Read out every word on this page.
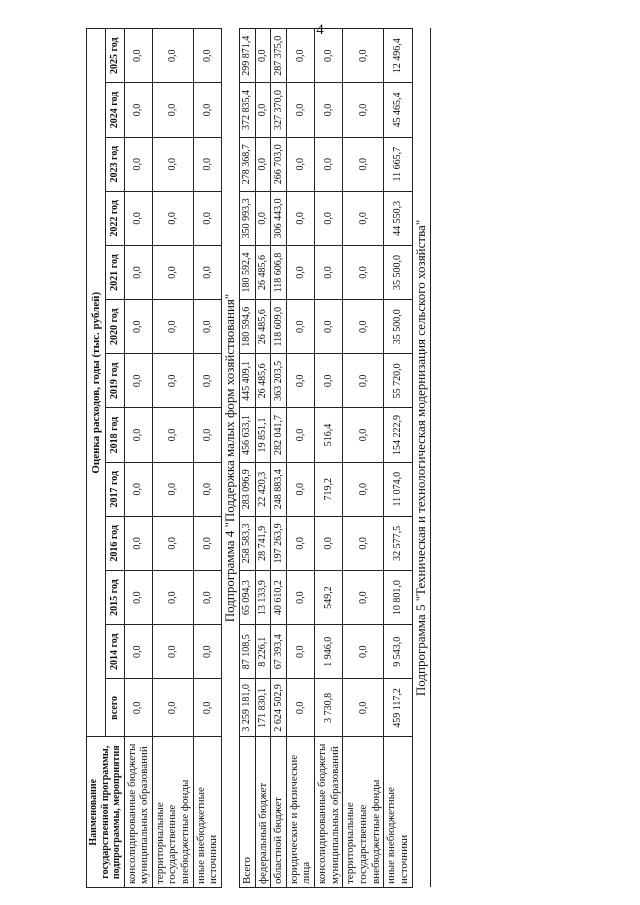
4
Наименование государственной программы, подпрограммы, мероприятия	Оценка расходов, годы (тыс. рублей)												
	всего	2014 год	2015 год	2016 год	2017 год	2018 год	2019 год	2020 год	2021 год	2022 год	2023 год	2024 год	2025 год
консолидированные бюджеты муниципальных образований	0,0	0,0	0,0	0,0	0,0	0,0	0,0	0,0	0,0	0,0	0,0	0,0	0,0
территориальные государственные внебюджетные фонды	0,0	0,0	0,0	0,0	0,0	0,0	0,0	0,0	0,0	0,0	0,0	0,0	0,0
иные внебюджетные источники	0,0	0,0	0,0	0,0	0,0	0,0	0,0	0,0	0,0	0,0	0,0	0,0	0,0
Подпрограмма 4 "Поддержка малых форм хозяйствования"													
Всего	3 259 181,0	87 108,5	65 094,3	258 583,3	283 096,9	456 633,1	445 409,1	180 594,6	180 592,4	350 993,3	278 368,7	372 835,4	299 871,4
федеральный бюджет	171 830,1	8 226,1	13 133,9	28 741,9	22 420,3	19 851,1	26 485,6	26 485,6	26 485,6	0,0	0,0	0,0	0,0
областной бюджет	2 624 502,9	67 393,4	40 610,2	197 263,9	248 883,4	282 041,7	363 203,5	118 609,0	118 606,8	306 443,0	266 703,0	327 370,0	287 375,0
юридические и физические лица	0,0	0,0	0,0	0,0	0,0	0,0	0,0	0,0	0,0	0,0	0,0	0,0	0,0
консолидированные бюджеты муниципальных образований	3 730,8	1 946,0	549,2	0,0	719,2	516,4	0,0	0,0	0,0	0,0	0,0	0,0	0,0
территориальные государственные внебюджетные фонды	0,0	0,0	0,0	0,0	0,0	0,0	0,0	0,0	0,0	0,0	0,0	0,0	0,0
иные внебюджетные источники	459 117,2	9 543,0	10 801,0	32 577,5	11 074,0	154 222,9	55 720,0	35 500,0	35 500,0	44 550,3	11 665,7	45 465,4	12 496,4
Подпрограмма 5 "Техническая и технологическая модернизация сельского хозяйства"													
